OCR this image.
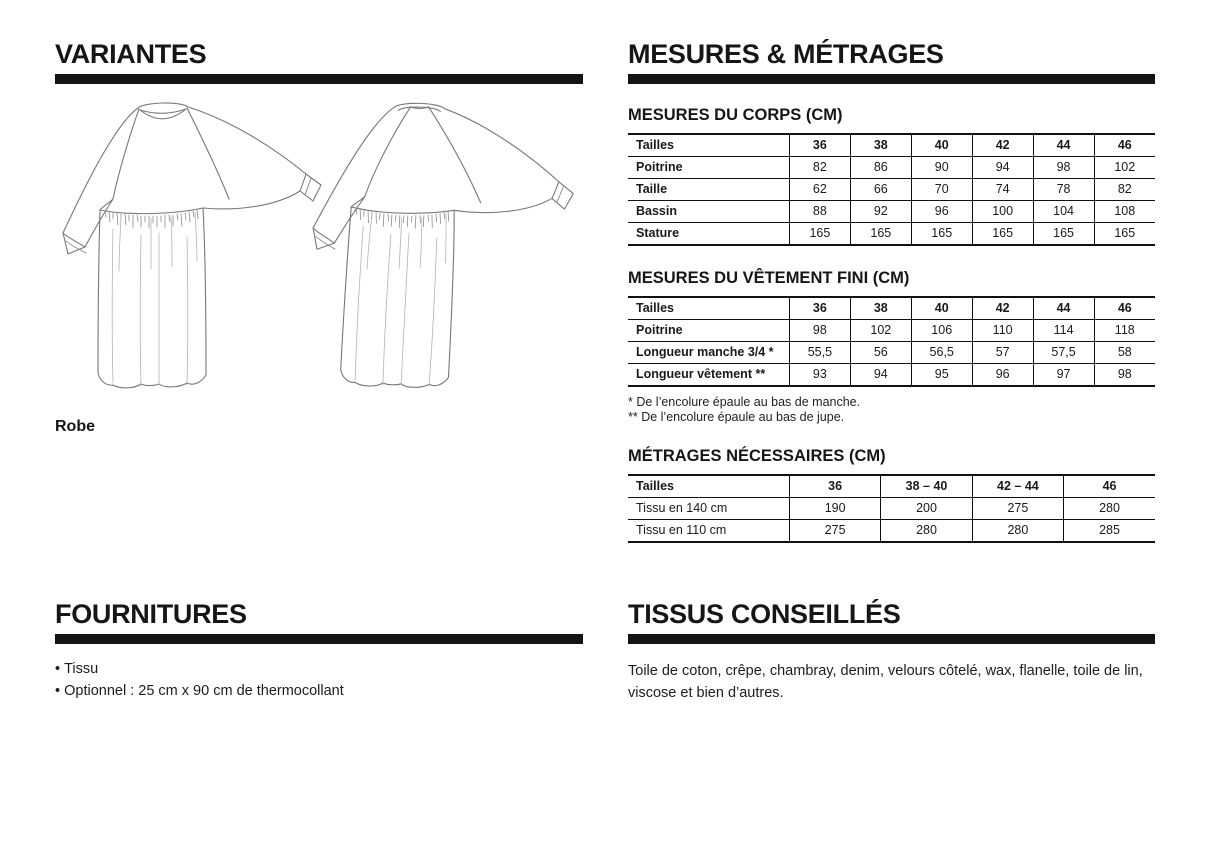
VARIANTES
Robe
MESURES & MÉTRAGES
MESURES DU CORPS (CM)
Tailles	36	38	40	42	44	46
Poitrine	82	86	90	94	98	102
Taille	62	66	70	74	78	82
Bassin	88	92	96	100	104	108
Stature	165	165	165	165	165	165
MESURES DU VÊTEMENT FINI (CM)
Tailles	36	38	40	42	44	46
Poitrine	98	102	106	110	114	118
Longueur manche 3/4 *	55,5	56	56,5	57	57,5	58
Longueur vêtement **	93	94	95	96	97	98
* De l’encolure épaule au bas de manche.
** De l’encolure épaule au bas de jupe.
MÉTRAGES NÉCESSAIRES (CM)
Tailles	36	38 – 40	42 – 44	46
Tissu en 140 cm	190	200	275	280
Tissu en 110 cm	275	280	280	285
FOURNITURES
• Tissu
• Optionnel : 25 cm x 90 cm de thermocollant
TISSUS CONSEILLÉS

Toile de coton, crêpe, chambray, denim, velours côtelé, wax, flanelle, toile de lin, viscose et bien d’autres.
